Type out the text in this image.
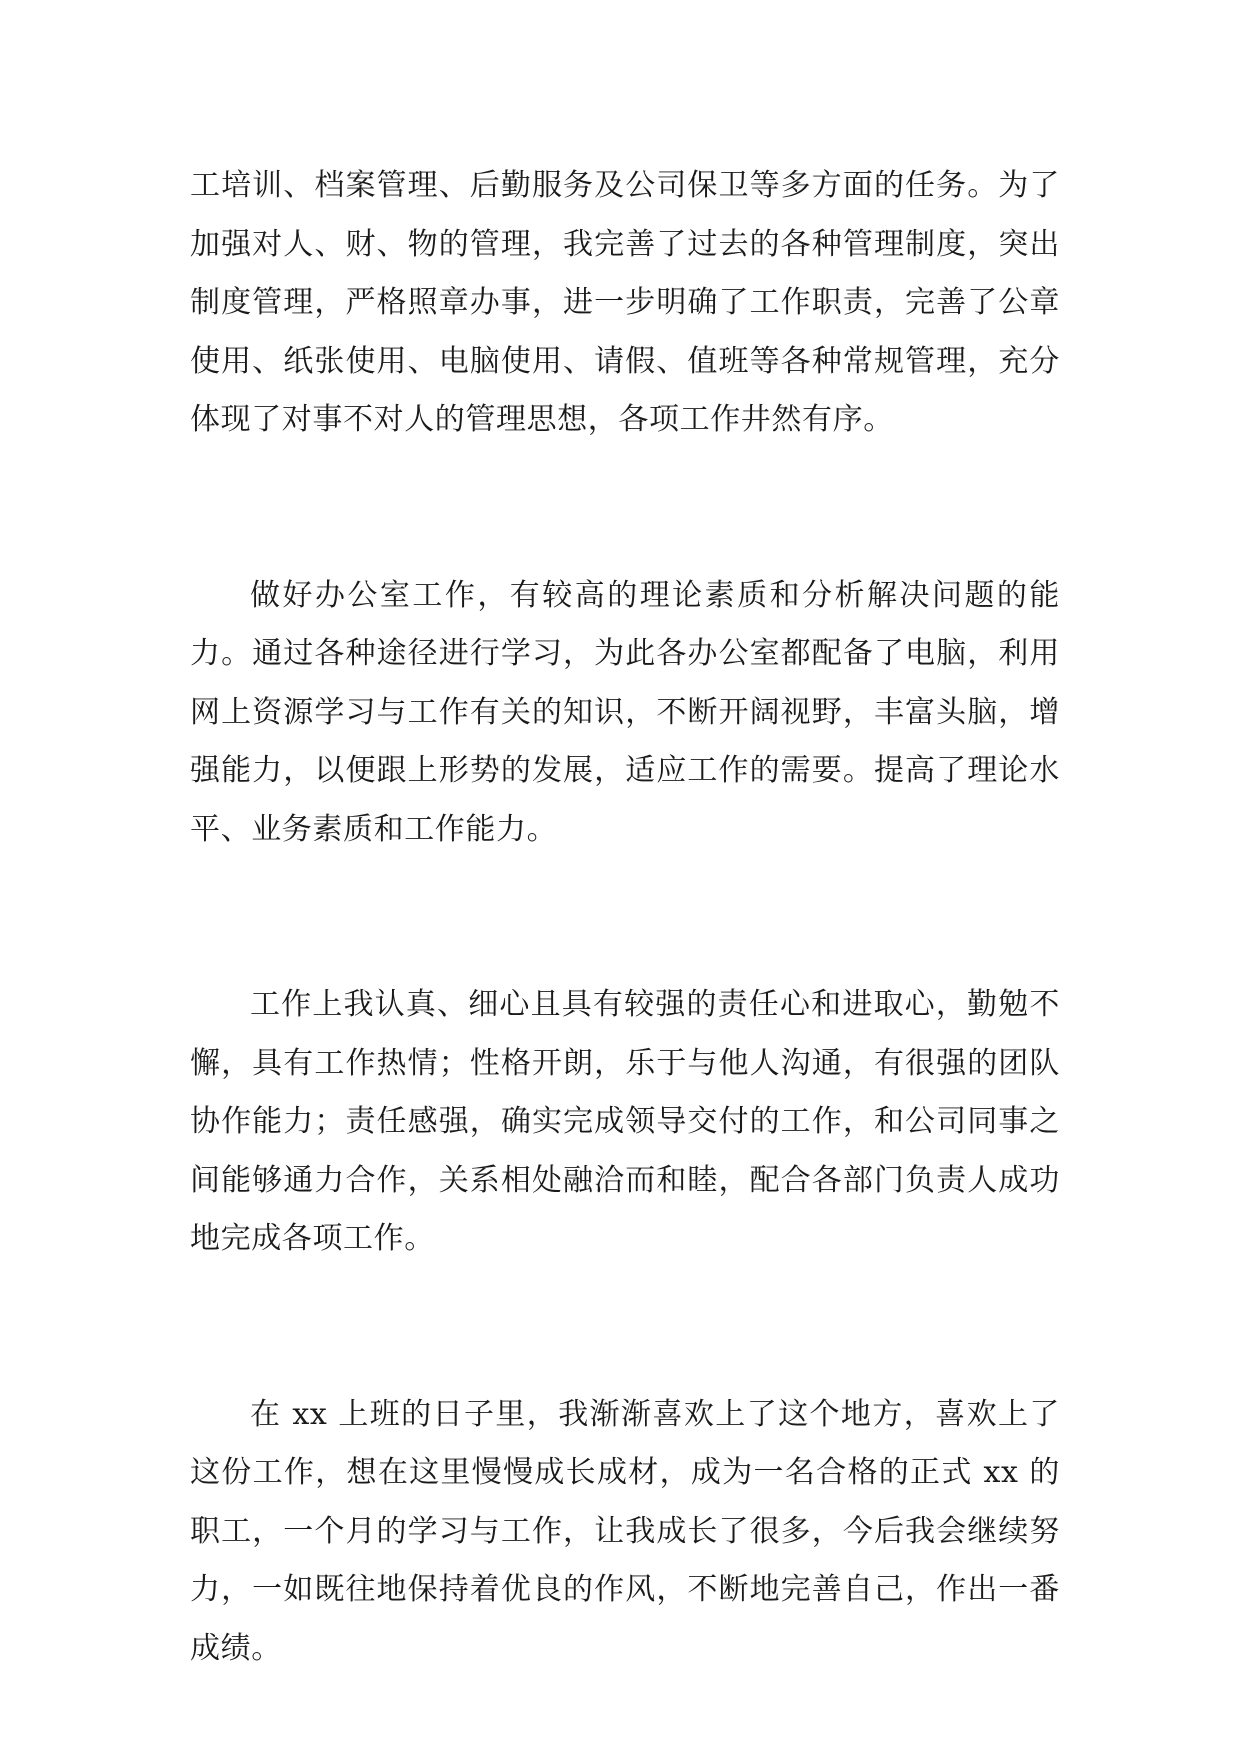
工培训、档案管理、后勤服务及公司保卫等多方面的任务。为了加强对人、财、物的管理，我完善了过去的各种管理制度，突出制度管理，严格照章办事，进一步明确了工作职责，完善了公章使用、纸张使用、电脑使用、请假、值班等各种常规管理，充分体现了对事不对人的管理思想，各项工作井然有序。

做好办公室工作，有较高的理论素质和分析解决问题的能力。通过各种途径进行学习，为此各办公室都配备了电脑，利用网上资源学习与工作有关的知识，不断开阔视野，丰富头脑，增强能力，以便跟上形势的发展，适应工作的需要。提高了理论水平、业务素质和工作能力。

工作上我认真、细心且具有较强的责任心和进取心，勤勉不懈，具有工作热情；性格开朗，乐于与他人沟通，有很强的团队协作能力；责任感强，确实完成领导交付的工作，和公司同事之间能够通力合作，关系相处融洽而和睦，配合各部门负责人成功地完成各项工作。

在 xx 上班的日子里，我渐渐喜欢上了这个地方，喜欢上了这份工作，想在这里慢慢成长成材，成为一名合格的正式 xx 的职工，一个月的学习与工作，让我成长了很多，今后我会继续努力，一如既往地保持着优良的作风，不断地完善自己，作出一番成绩。
